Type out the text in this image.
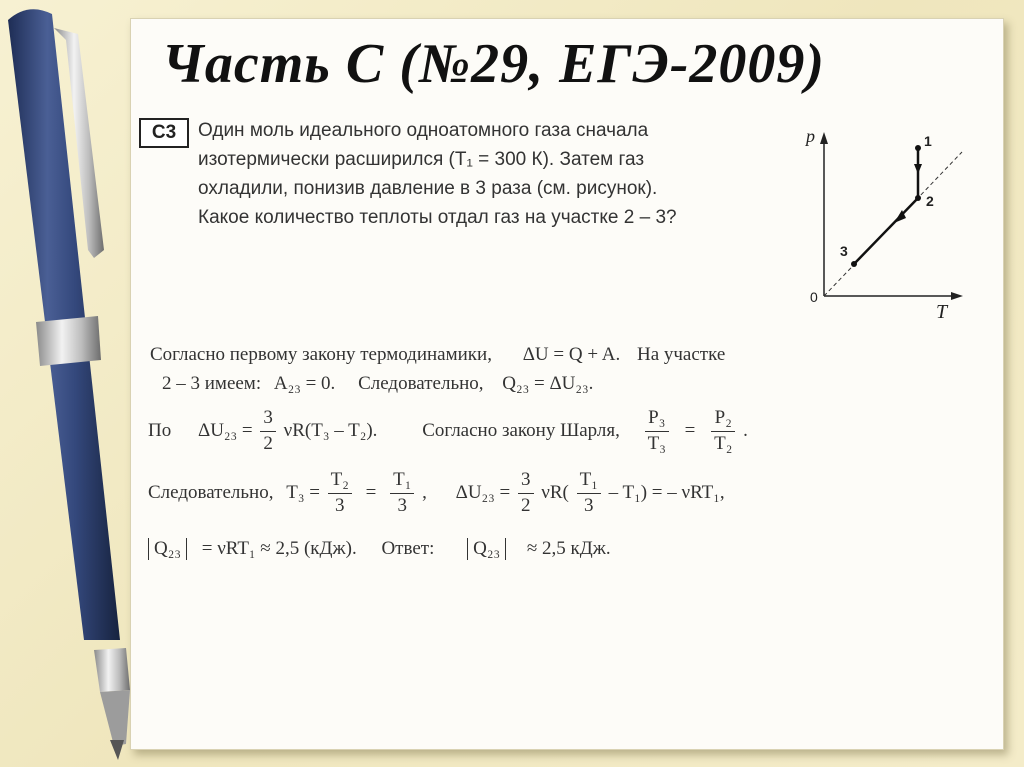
Часть С (№29, ЕГЭ-2009)
С3	Один моль идеального одноатомного газа сначала
изотермически расширился (T₁ = 300 К). Затем газ
охладили, понизив давление в 3 раза (см. рисунок).
Какое количество теплоты отдал газ на участке 2 – 3?
p
T
0
1
2
3
Согласно первому закону термодинамики, ΔU = Q + A. На участке
2 – 3 имеем: A₂₃ = 0. Следовательно, Q₂₃ = ΔU₂₃.
По $\Delta U_{23} = \frac{3}{2} \nu R(T_3 - T_2)$. Согласно закону Шарля, $\frac{\text{P₃}}{\text{T₃}} = \frac{\text{P₂}}{\text{T₂}}$ .
Следовательно, $T_3 = \frac{\text{T₂}}{3} = \frac{\text{T₁}}{3}$ , $\Delta U_{23} = \frac{3}{2} \nu R( \frac{\text{T₁}}{3} - T_1)$ = – νRT₁,
Q₂₃ = νRT₁ ≈ 2,5 (кДж). Ответ: Q₂₃ ≈ 2,5 кДж.
